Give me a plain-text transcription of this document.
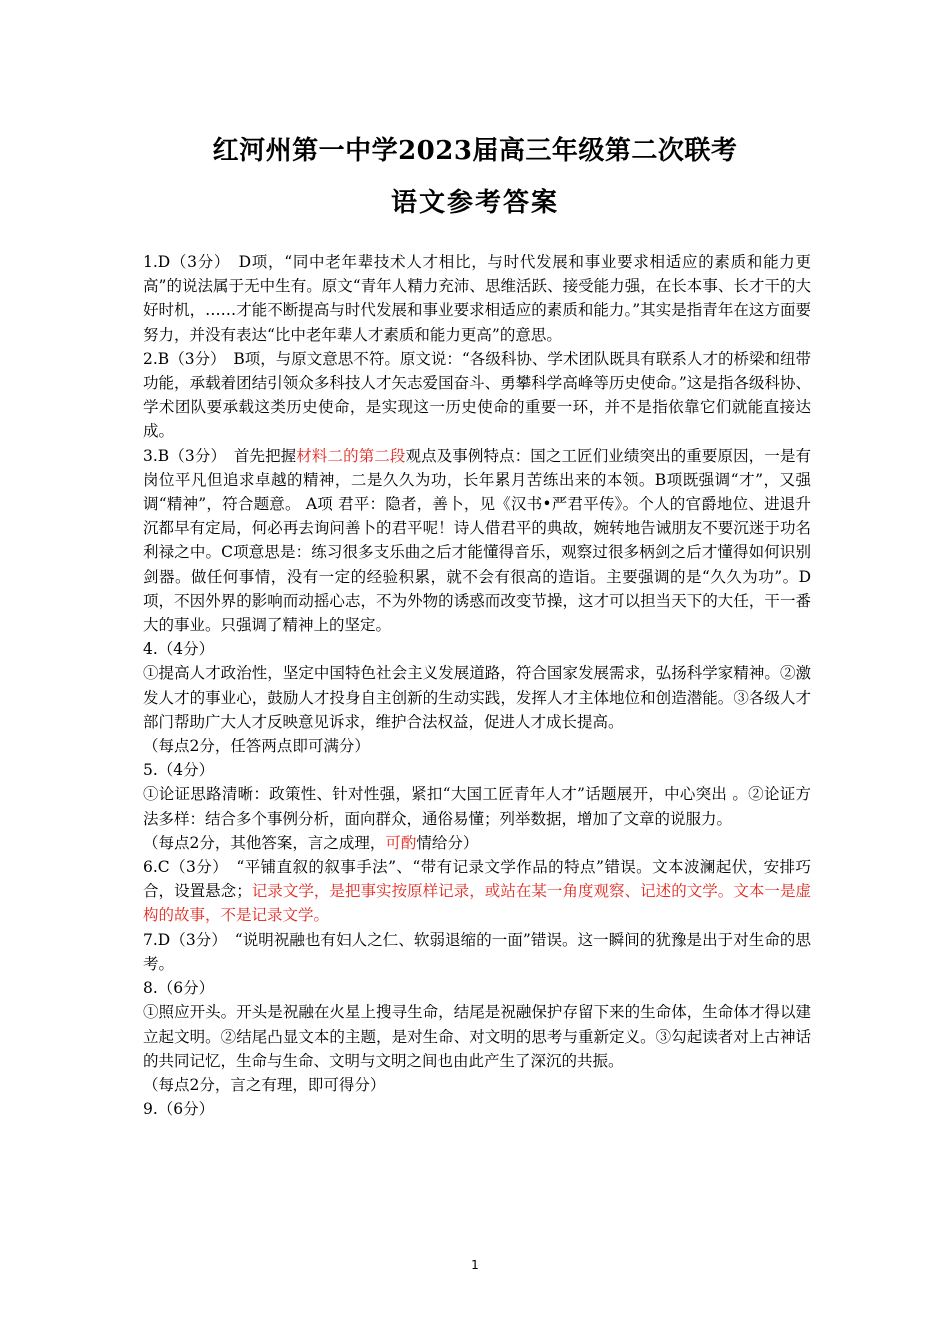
红河州第一中学2023届高三年级第二次联考
语文参考答案

1.D（3分）　D项，“同中老年辈技术人才相比，与时代发展和事业要求相适应的素质和能力更高”的说法属于无中生有。原文“青年人精力充沛、思维活跃、接受能力强，在长本事、长才干的大好时机，……才能不断提高与时代发展和事业要求相适应的素质和能力。”其实是指青年在这方面要努力，并没有表达“比中老年辈人才素质和能力更高”的意思。

2.B（3分）　B项，与原文意思不符。原文说：“各级科协、学术团队既具有联系人才的桥梁和纽带功能，承载着团结引领众多科技人才矢志爱国奋斗、勇攀科学高峰等历史使命。”这是指各级科协、学术团队要承载这类历史使命，是实现这一历史使命的重要一环，并不是指依靠它们就能直接达成。

3.B（3分）　首先把握材料二的第二段观点及事例特点：国之工匠们业绩突出的重要原因，一是有岗位平凡但追求卓越的精神，二是久久为功，长年累月苦练出来的本领。B项既强调“才”，又强调“精神”，符合题意。 A项 君平：隐者，善卜，见《汉书•严君平传》。个人的官爵地位、进退升沉都早有定局，何必再去询问善卜的君平呢！诗人借君平的典故，婉转地告诫朋友不要沉迷于功名利禄之中。C项意思是：练习很多支乐曲之后才能懂得音乐，观察过很多柄剑之后才懂得如何识别剑器。做任何事情，没有一定的经验积累，就不会有很高的造诣。主要强调的是“久久为功”。D项，不因外界的影响而动摇心志，不为外物的诱惑而改变节操，这才可以担当天下的大任，干一番大的事业。只强调了精神上的坚定。

4.（4分）

①提高人才政治性，坚定中国特色社会主义发展道路，符合国家发展需求，弘扬科学家精神。②激发人才的事业心，鼓励人才投身自主创新的生动实践，发挥人才主体地位和创造潜能。③各级人才部门帮助广大人才反映意见诉求，维护合法权益，促进人才成长提高。

（每点2分，任答两点即可满分）

5.（4分）

①论证思路清晰：政策性、针对性强，紧扣“大国工匠青年人才”话题展开，中心突出 。②论证方法多样：结合多个事例分析，面向群众，通俗易懂；列举数据，增加了文章的说服力。

（每点2分，其他答案，言之成理，可酌情给分）

6.C（3分）　“平铺直叙的叙事手法”、“带有记录文学作品的特点”错误。文本波澜起伏，安排巧合，设置悬念；记录文学，是把事实按原样记录，或站在某一角度观察、记述的文学。文本一是虚构的故事，不是记录文学。

7.D（3分）　“说明祝融也有妇人之仁、软弱退缩的一面”错误。这一瞬间的犹豫是出于对生命的思考。

8.（6分）

①照应开头。开头是祝融在火星上搜寻生命，结尾是祝融保护存留下来的生命体，生命体才得以建立起文明。②结尾凸显文本的主题，是对生命、对文明的思考与重新定义。③勾起读者对上古神话的共同记忆，生命与生命、文明与文明之间也由此产生了深沉的共振。

（每点2分，言之有理，即可得分）

9.（6分）

1
